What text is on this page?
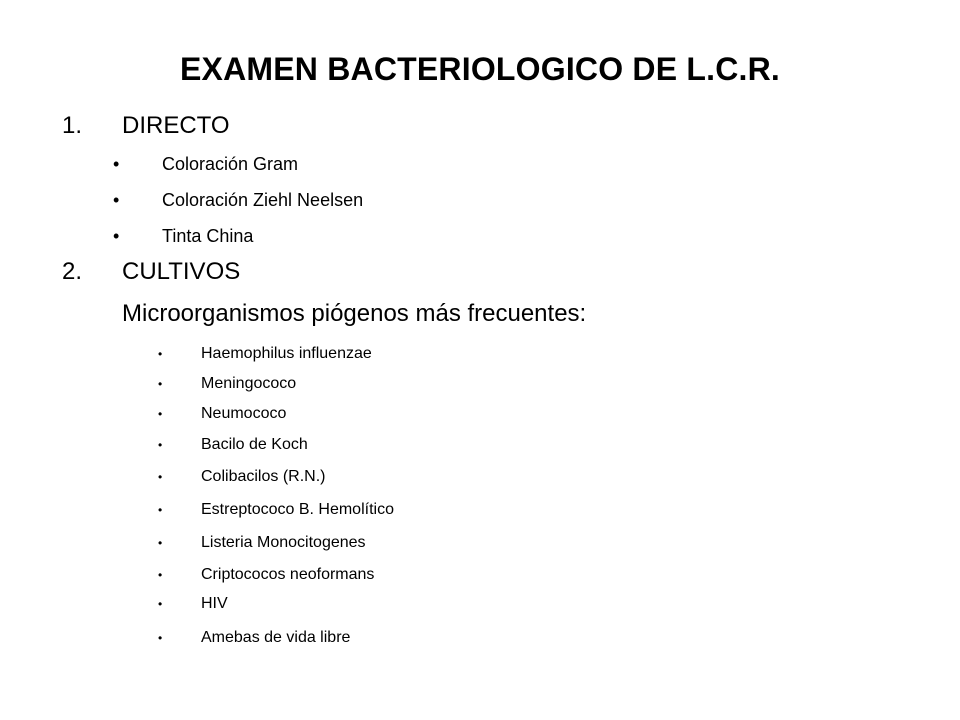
EXAMEN BACTERIOLOGICO DE L.C.R.
1.	DIRECTO
•	Coloración Gram
•	Coloración Ziehl Neelsen
•	Tinta China
2.	CULTIVOS
Microorganismos piógenos más frecuentes:
•	Haemophilus influenzae
•	Meningococo
•	Neumococo
•	Bacilo de Koch
•	Colibacilos (R.N.)
•	Estreptococo B. Hemolítico
•	Listeria Monocitogenes
•	Criptococos neoformans
•	HIV
•	Amebas de vida libre
